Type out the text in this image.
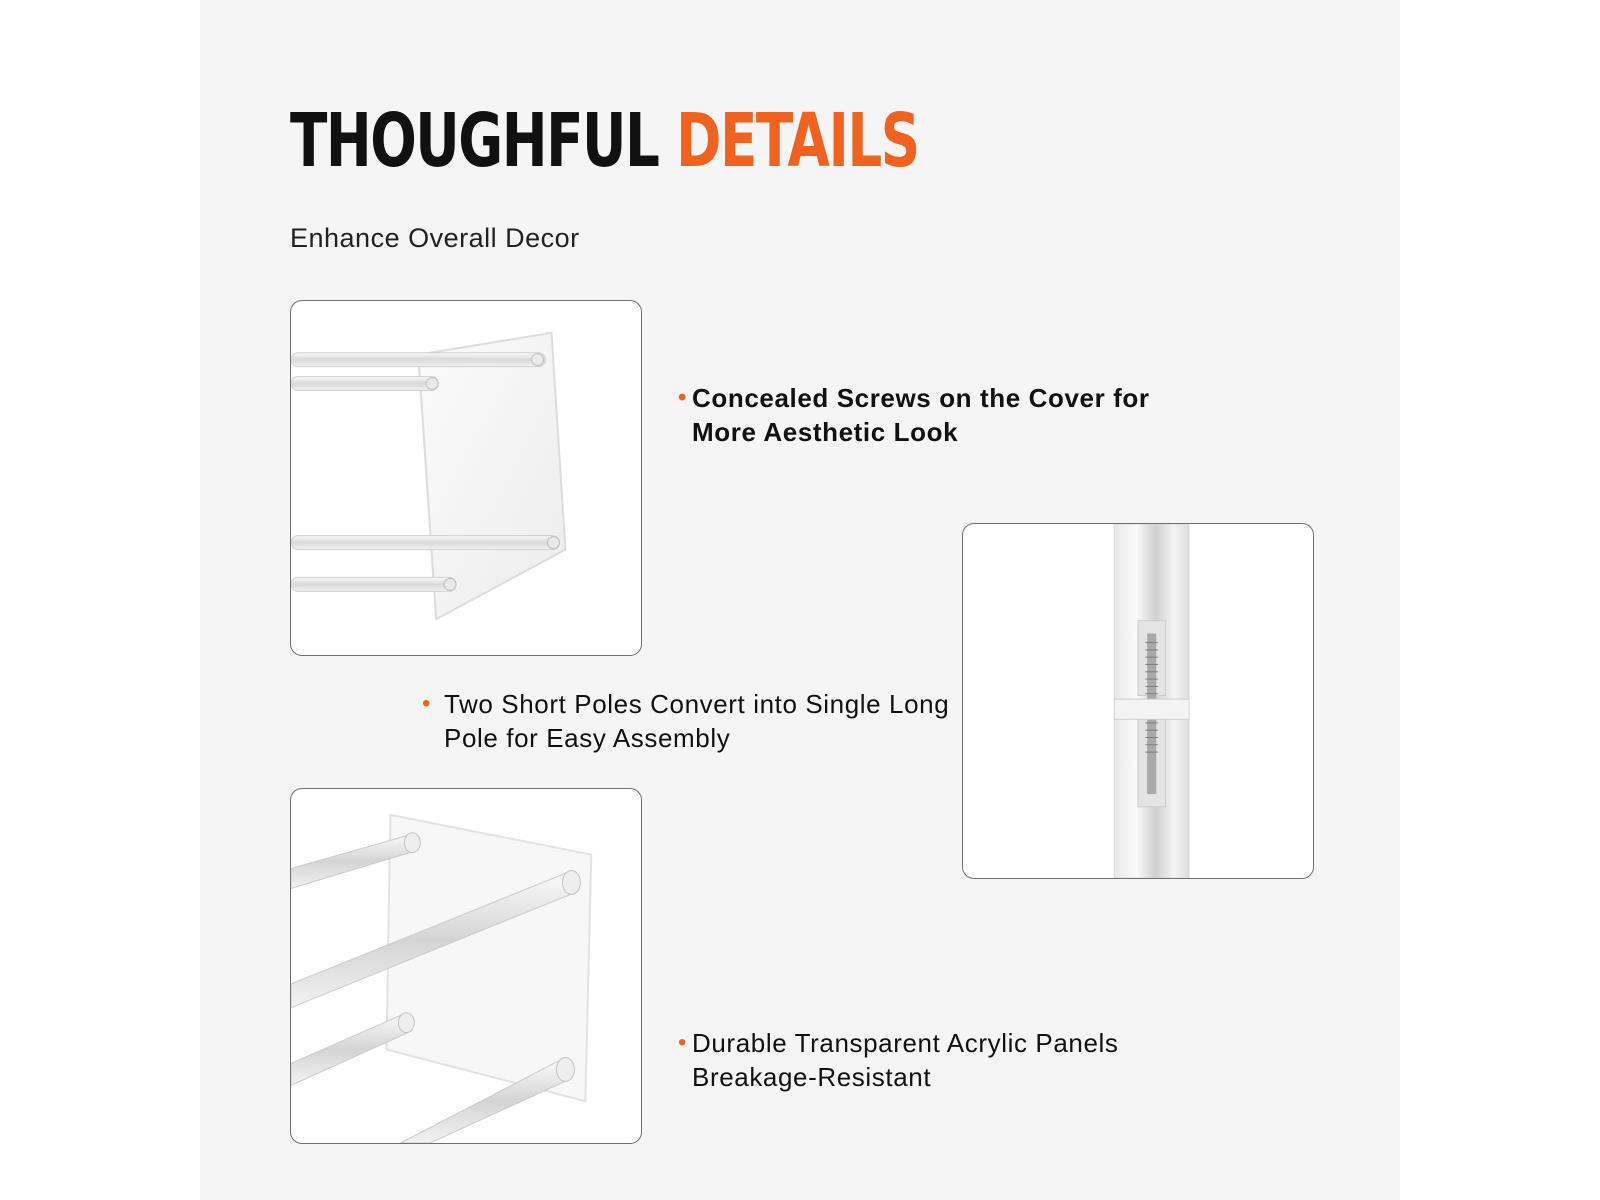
THOUGHFUL DETAILS
Enhance Overall Decor
• Concealed Screws on the Cover for More Aesthetic Look
• Two Short Poles Convert into Single Long Pole for Easy Assembly
• Durable Transparent Acrylic Panels Breakage-Resistant
